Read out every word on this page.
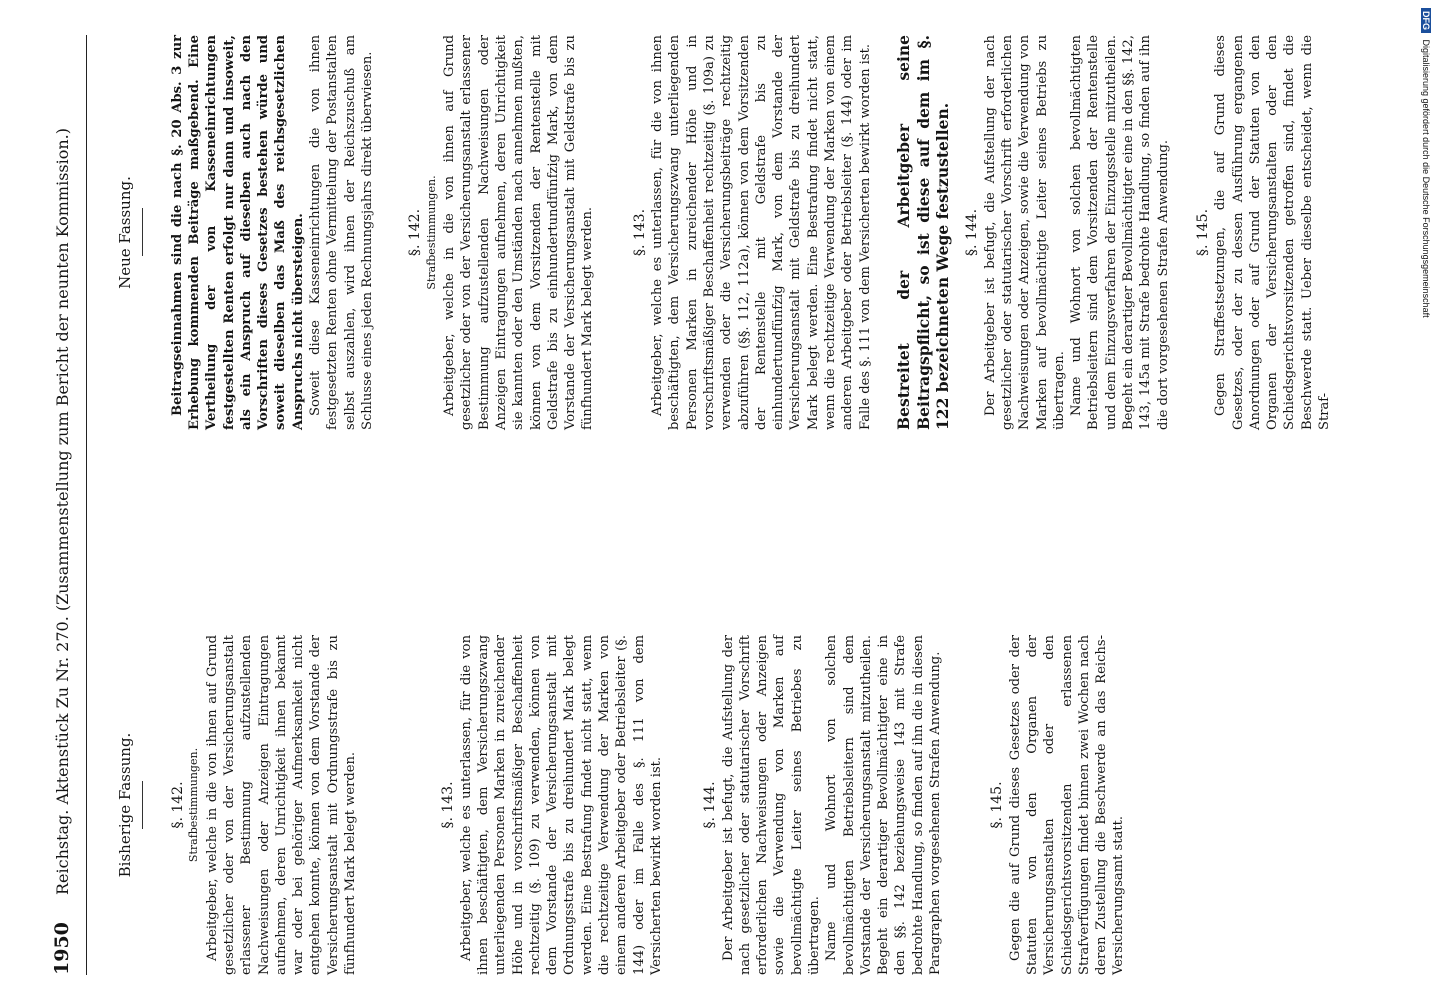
1950 Reichstag. Aktenstück Zu Nr. 270. (Zusammenstellung zum Bericht der neunten Kommission.)	Bisherige Fassung.	§. 142. Strafbestimmungen. Arbeitgeber, welche in die von ihnen auf Grund gesetzlicher oder von der Versicherungsanstalt erlassener Bestimmung aufzustellenden Nachweisungen oder Anzeigen Eintragungen aufnehmen, deren Unrichtigkeit ihnen bekannt war oder bei gehöriger Aufmerksamkeit nicht entgehen konnte, können von dem Vorstande der Versicherungsanstalt mit Ordnungsstrafe bis zu fünfhundert Mark belegt werden.	§. 143. Arbeitgeber, welche es unterlassen, für die von ihnen beschäftigten, dem Versicherungszwang unterliegenden Personen Marken in zureichender Höhe und in vorschriftsmäßiger Beschaffenheit rechtzeitig (§. 109) zu verwenden, können von dem Vorstande der Versicherungsanstalt mit Ordnungsstrafe bis zu dreihundert Mark belegt werden. Eine Bestrafung findet nicht statt, wenn die rechtzeitige Verwendung der Marken von einem anderen Arbeitgeber oder Betriebsleiter (§. 144) oder im Falle des §. 111 von dem Versicherten bewirkt worden ist.	§. 144. Der Arbeitgeber ist befugt, die Aufstellung der nach gesetzlicher oder statutarischer Vorschrift erforderlichen Nachweisungen oder Anzeigen sowie die Verwendung von Marken auf bevollmächtigte Leiter seines Betriebes zu übertragen. Name und Wohnort von solchen bevollmächtigten Betriebsleitern sind dem Vorstande der Versicherungsanstalt mitzutheilen. Begeht ein derartiger Bevollmächtigter eine in den §§. 142 beziehungsweise 143 mit Strafe bedrohte Handlung, so finden auf ihn die in diesen Paragraphen vorgesehenen Strafen Anwendung.	§. 145. Gegen die auf Grund dieses Gesetzes oder der Statuten von den Organen der Versicherungsanstalten oder den Schiedsgerichtsvorsitzenden erlassenen Strafverfügungen findet binnen zwei Wochen nach deren Zustellung die Beschwerde an das Reichs-Versicherungsamt statt.

Neue Fassung.	Beitragseinnahmen sind die nach §. 20 Abs. 3 zur Erhebung kommenden Beiträge maßgebend. Eine Vertheilung der von Kasseneinrichtungen festgestellten Renten erfolgt nur dann und insoweit, als ein Anspruch auf dieselben auch nach den Vorschriften dieses Gesetzes bestehen würde und soweit dieselben das Maß des reichsgesetzlichen Anspruchs nicht übersteigen. Soweit diese Kasseneinrichtungen die von ihnen festgesetzten Renten ohne Vermittelung der Postanstalten selbst auszahlen, wird ihnen der Reichszuschuß am Schlusse eines jeden Rechnungsjahrs direkt überwiesen. §. 142. Strafbestimmungen. Arbeitgeber, welche in die von ihnen auf Grund gesetzlicher oder von der Versicherungsanstalt erlassener Bestimmung aufzustellenden Nachweisungen oder Anzeigen Eintragungen aufnehmen, deren Unrichtigkeit sie kannten oder den Umständen nach annehmen mußten, können von dem Vorsitzenden der Rentenstelle mit Geldstrafe bis zu einhundertundfünfzig Mark, von dem Vorstande der Versicherungsanstalt mit Geldstrafe bis zu fünfhundert Mark belegt werden.	§. 143. Arbeitgeber, welche es unterlassen, für die von ihnen beschäftigten, dem Versicherungszwang unterliegenden Personen Marken in zureichender Höhe und in vorschriftsmäßiger Beschaffenheit rechtzeitig (§. 109a) zu verwenden oder die Versicherungsbeiträge rechtzeitig abzuführen (§§. 112, 112a), können von dem Vorsitzenden der Rentenstelle mit Geldstrafe bis zu einhundertundfünfzig Mark, von dem Vorstande der Versicherungsanstalt mit Geldstrafe bis zu dreihundert Mark belegt werden. Eine Bestrafung findet nicht statt, wenn die rechtzeitige Verwendung der Marken von einem anderen Arbeitgeber oder Betriebsleiter (§. 144) oder im Falle des §. 111 von dem Versicherten bewirkt worden ist. Bestreitet der Arbeitgeber seine Beitragspflicht, so ist diese auf dem im §. 122 bezeichneten Wege festzustellen. §. 144. Der Arbeitgeber ist befugt, die Aufstellung der nach gesetzlicher oder statutarischer Vorschrift erforderlichen Nachweisungen oder Anzeigen, sowie die Verwendung von Marken auf bevollmächtigte Leiter seines Betriebs zu übertragen. Name und Wohnort von solchen bevollmächtigten Betriebsleitern sind dem Vorsitzenden der Rentenstelle und dem Einzugsverfahren der Einzugsstelle mitzutheilen. Begeht ein derartiger Bevollmächtigter eine in den §§. 142, 143, 145a mit Strafe bedrohte Handlung, so finden auf ihn die dort vorgesehenen Strafen Anwendung. §. 145. Gegen Straffestsetzungen, die auf Grund dieses Gesetzes, oder der zu dessen Ausführung ergangenen Anordnungen oder auf Grund der Statuten von den Organen der Versicherungsanstalten oder den Schiedsgerichtsvorsitzenden getroffen sind, findet die Beschwerde statt. Ueber dieselbe entscheidet, wenn die Straf-

DFG Digitalisierung gefördert durch die Deutsche Forschungsgemeinschaft
